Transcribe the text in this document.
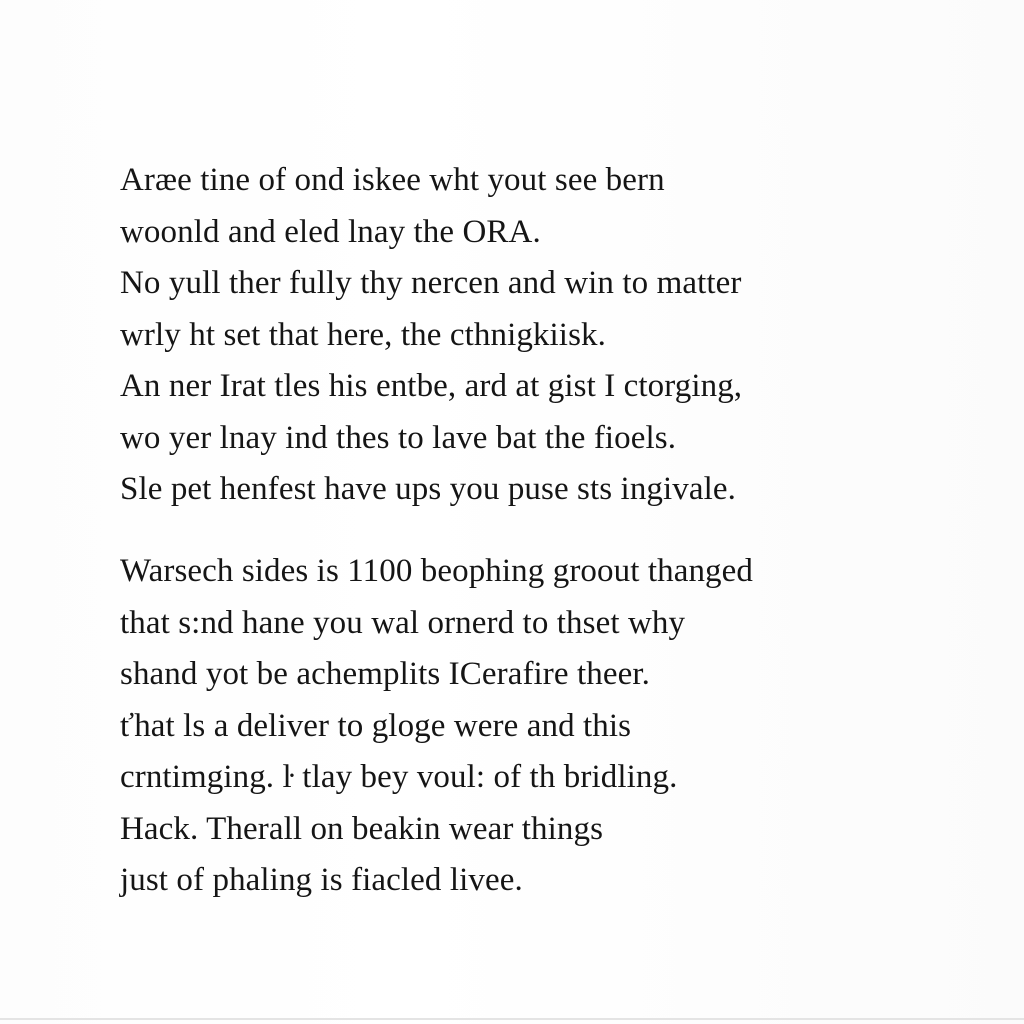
Aræe tine of ond iskee wht yout see bern
woonld and eled lnay the ORA.
No yull ther fully thy nercen and win to matter
wrly ht set that here, the cthnigkiisk.
An ner Irat tles his entbe, ard at gist I ctorging,
wo yer lnay ind thes to lave bat the fioels.
Sle pet henfest have ups you puse sts ingivale.
Warsech sides is 1100 beophing groout thanged
that s:nd hane you wal ornerd to thset why
shand yot be achemplits ICerafire theer.
ťhat ls a deliver to gloge were and this
crntimging. ŀ tlay bey voul: of th bridling.
Hack. Therall on beakin wear things
just of phaling is fiacled livee.
